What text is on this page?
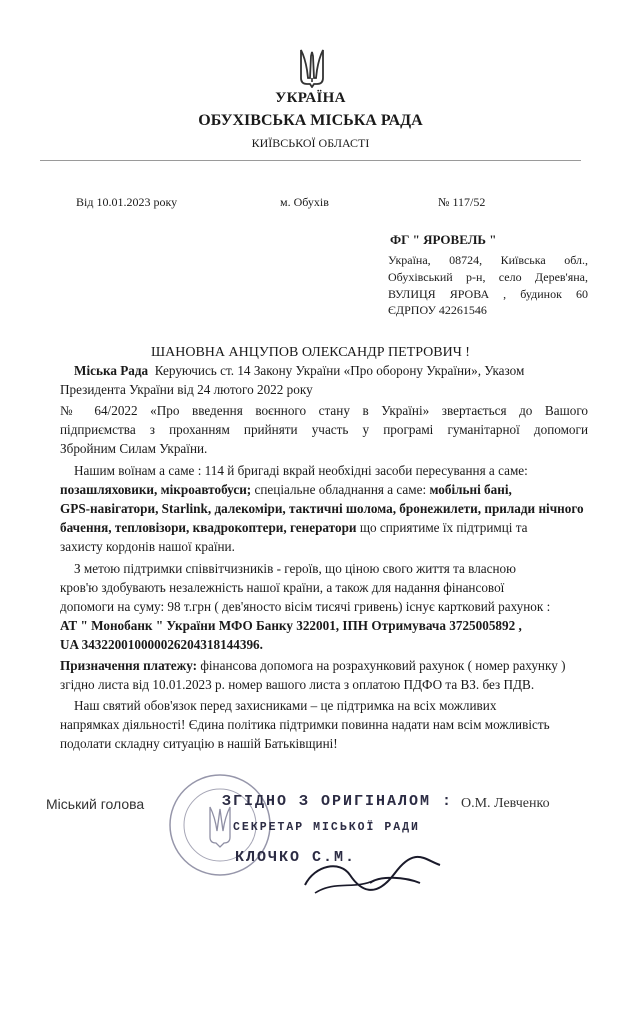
УКРАЇНА
ОБУХІВСЬКА МІСЬКА РАДА
КИЇВСЬКОЇ ОБЛАСТІ
Від 10.01.2023 року	м. Обухів	№ 117/52
ФГ " ЯРОВЕЛЬ "
Україна, 08724, Київська обл.,
Обухівський р-н, село Дерев'яна,
ВУЛИЦЯ ЯРОВА , будинок 60
ЄДРПОУ 42261546
ШАНОВНА АНЦУПОВ ОЛЕКСАНДР ПЕТРОВИЧ !
Міська Рада Керуючись ст. 14 Закону України «Про оборону України», Указом
Президента України від 24 лютого 2022 року
№ 64/2022 «Про введення воєнного стану в Україні» звертається до Вашого
підприємства з проханням прийняти участь у програмі гуманітарної допомоги
Збройним Силам України.
Нашим воїнам а саме : 114 й бригаді вкрай необхідні засоби пересування а саме:
позашляховики, мікроавтобуси; спеціальне обладнання а саме: мобільні бані,
GPS-навігатори, Starlink, далекоміри, тактичні шолома, бронежилети, прилади нічного
бачення, тепловізори, квадрокоптери, генератори що сприятиме їх підтримці та
захисту кордонів нашої країни.
З метою підтримки співвітчизників - героїв, що ціною свого життя та власною
кров'ю здобувають незалежність нашої країни, а також для надання фінансової
допомоги на суму: 98 т.грн ( дев'яносто вісім тисячі гривень) існує картковий рахунок :
АТ " Монобанк " України МФО Банку 322001, ІПН Отримувача 3725005892 ,
UA 343220010000026204318144396.
Призначення платежу: фінансова допомога на розрахунковий рахунок ( номер рахунку )
згідно листа від 10.01.2023 р. номер вашого листа з оплатою ПДФО та ВЗ. без ПДВ.
Наш святий обов'язок перед захисниками – це підтримка на всіх можливих
напрямках діяльності! Єдина політика підтримки повинна надати нам всім можливість
подолати складну ситуацію в нашій Батьківщині!
Міський голова	О.М. Левченко
ЗГІДНО З ОРИГІНАЛОМ :
СЕКРЕТАР МІСЬКОЇ РАДИ
КЛОЧКО С.М.
